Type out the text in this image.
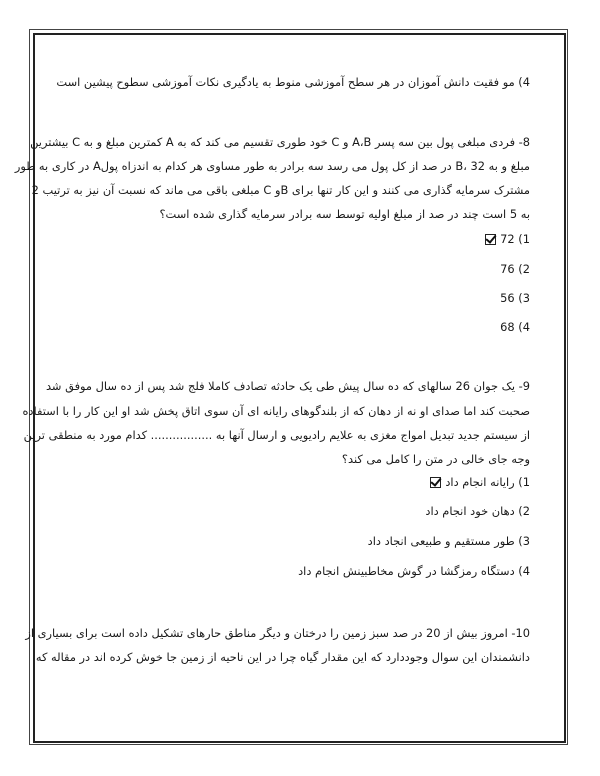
4) مو فقیت دانش آموزان در هر سطح آموزشی منوط به یادگیری نکات آموزشی سطوح پیشین است
8- فردی مبلغی پول بین سه پسر A،B و C خود طوری تقسیم می کند که به A کمترین مبلغ و به C بیشترین
مبلغ و به B، 32 در صد از کل پول می رسد سه برادر به طور مساوی هر کدام به اندزاه پولA در کاری به طور
مشترک سرمایه گذاری می کنند و این کار تنها برای Bو C مبلغی باقی می ماند که نسبت آن نیز به ترتیب 2
به 5 است چند در صد از مبلغ اولیه توسط سه برادر سرمایه گذاری شده است؟
1) 72
2) 76
3) 56
4) 68
9- یک جوان 26 سالهای که ده سال پیش طی یک حادثه تصادف کاملا فلج شد پس از ده سال موفق شد
صحبت کند اما صدای او نه از دهان که از بلندگوهای رایانه ای آن سوی اتاق پخش شد او این کار را با استفاده
از سیستم جدید تبدیل امواج مغزی به علایم رادیویی و ارسال آنها به ................. کدام مورد به منطقی ترین
وجه جای خالی در متن را کامل می کند؟
1) رایانه انجام داد
2) دهان خود انجام داد
3) طور مستقیم و طبیعی انجاد داد
4) دستگاه رمزگشا در گوش مخاطبینش انجام داد
10- امروز بیش از 20 در صد سبز زمین را درختان و دیگر مناطق حارهای تشکیل داده است برای بسیاری از
دانشمندان این سوال وجوددارد که این مقدار گیاه چرا در این ناحیه از زمین جا خوش کرده اند در مقاله که
